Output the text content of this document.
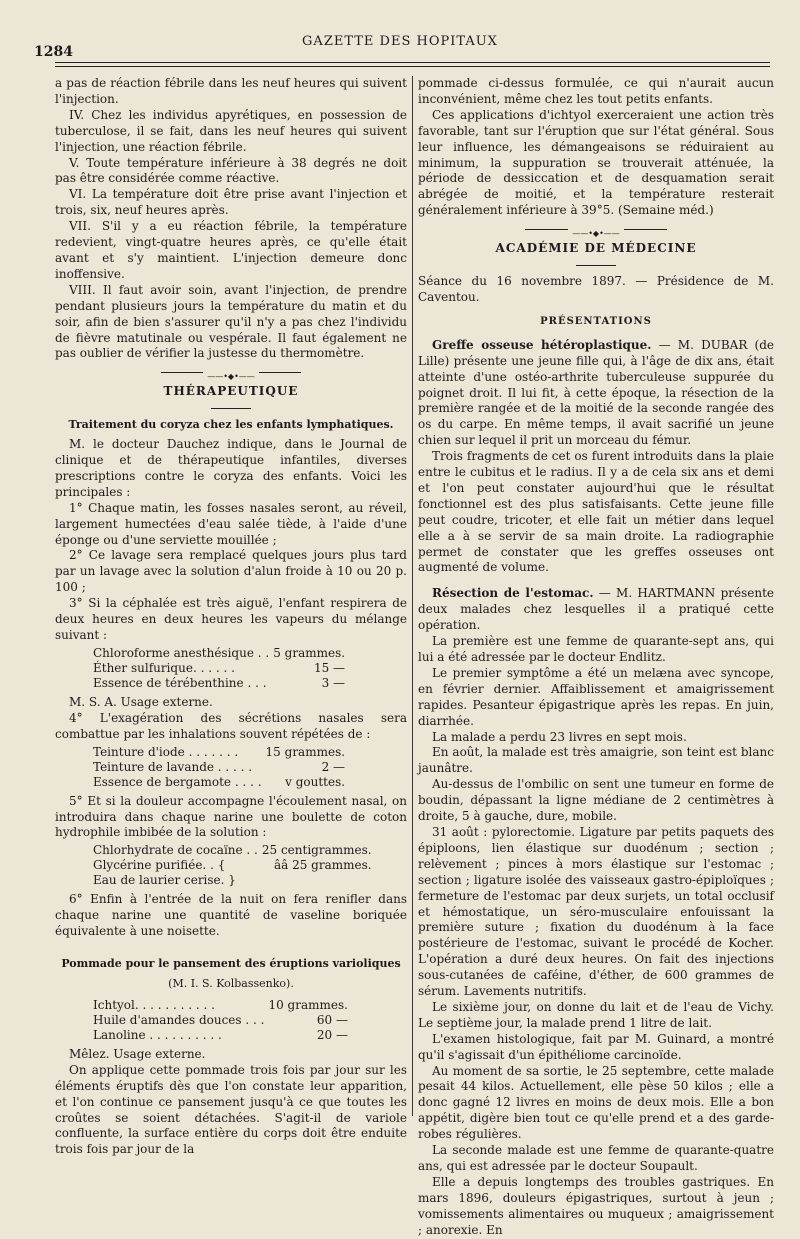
1284
GAZETTE DES HOPITAUX

a pas de réaction fébrile dans les neuf heures qui suivent l'injection.

IV. Chez les individus apyrétiques, en possession de tuberculose, il se fait, dans les neuf heures qui suivent l'injection, une réaction fébrile.

V. Toute température inférieure à 38 degrés ne doit pas être considérée comme réactive.

VI. La température doit être prise avant l'injection et trois, six, neuf heures après.

VII. S'il y a eu réaction fébrile, la température redevient, vingt-quatre heures après, ce qu'elle était avant et s'y maintient. L'injection demeure donc inoffensive.

VIII. Il faut avoir soin, avant l'injection, de prendre pendant plusieurs jours la température du matin et du soir, afin de bien s'assurer qu'il n'y a pas chez l'individu de fièvre matutinale ou vespérale. Il faut également ne pas oublier de vérifier la justesse du thermomètre.

——•◆•——
THÉRAPEUTIQUE
Traitement du coryza chez les enfants lymphatiques.

M. le docteur Dauchez indique, dans le Journal de clinique et de thérapeutique infantiles, diverses prescriptions contre le coryza des enfants. Voici les principales :

1° Chaque matin, les fosses nasales seront, au réveil, largement humectées d'eau salée tiède, à l'aide d'une éponge ou d'une serviette mouillée ;

2° Ce lavage sera remplacé quelques jours plus tard par un lavage avec la solution d'alun froide à 10 ou 20 p. 100 ;

3° Si la céphalée est très aiguë, l'enfant respirera de deux heures en deux heures les vapeurs du mélange suivant :

Chloroforme anesthésique . .	5 grammes.
Éther sulfurique. . . . . .	15 —
Essence de térébenthine . . .	3 —

M. S. A. Usage externe.

4° L'exagération des sécrétions nasales sera combattue par les inhalations souvent répétées de :

Teinture d'iode . . . . . . .	15 grammes.
Teinture de lavande . . . . .	2 —
Essence de bergamote . . . .	v gouttes.

5° Et si la douleur accompagne l'écoulement nasal, on introduira dans chaque narine une boulette de coton hydrophile imbibée de la solution :

Chlorhydrate de cocaïne . .	25 centigrammes.
Glycérine purifiée. . {	ââ 25 grammes.
Eau de laurier cerise. }	

6° Enfin à l'entrée de la nuit on fera renifler dans chaque narine une quantité de vaseline boriquée équivalente à une noisette.

Pommade pour le pansement des éruptions varioliques
(M. I. S. Kolbassenko).
Ichtyol. . . . . . . . . . .	10 grammes.
Huile d'amandes douces . . .	60 —
Lanoline . . . . . . . . . .	20 —

Mêlez. Usage externe.

On applique cette pommade trois fois par jour sur les éléments éruptifs dès que l'on constate leur apparition, et l'on continue ce pansement jusqu'à ce que toutes les croûtes se soient détachées. S'agit-il de variole confluente, la surface entière du corps doit être enduite trois fois par jour de la

pommade ci-dessus formulée, ce qui n'aurait aucun inconvénient, même chez les tout petits enfants.

Ces applications d'ichtyol exerceraient une action très favorable, tant sur l'éruption que sur l'état général. Sous leur influence, les démangeaisons se réduiraient au minimum, la suppuration se trouverait atténuée, la période de dessiccation et de desquamation serait abrégée de moitié, et la température resterait généralement inférieure à 39°5. (Semaine méd.)

——•◆•——
ACADÉMIE DE MÉDECINE

Séance du 16 novembre 1897. — Présidence de M. Caventou.

PRÉSENTATIONS

Greffe osseuse hétéroplastique. — M. DUBAR (de Lille) présente une jeune fille qui, à l'âge de dix ans, était atteinte d'une ostéo-arthrite tuberculeuse suppurée du poignet droit. Il lui fit, à cette époque, la résection de la première rangée et de la moitié de la seconde rangée des os du carpe. En même temps, il avait sacrifié un jeune chien sur lequel il prit un morceau du fémur.

Trois fragments de cet os furent introduits dans la plaie entre le cubitus et le radius. Il y a de cela six ans et demi et l'on peut constater aujourd'hui que le résultat fonctionnel est des plus satisfaisants. Cette jeune fille peut coudre, tricoter, et elle fait un métier dans lequel elle a à se servir de sa main droite. La radiographie permet de constater que les greffes osseuses ont augmenté de volume.

Résection de l'estomac. — M. HARTMANN présente deux malades chez lesquelles il a pratiqué cette opération.

La première est une femme de quarante-sept ans, qui lui a été adressée par le docteur Endlitz.

Le premier symptôme a été un melæna avec syncope, en février dernier. Affaiblissement et amaigrissement rapides. Pesanteur épigastrique après les repas. En juin, diarrhée.

La malade a perdu 23 livres en sept mois.

En août, la malade est très amaigrie, son teint est blanc jaunâtre.

Au-dessus de l'ombilic on sent une tumeur en forme de boudin, dépassant la ligne médiane de 2 centimètres à droite, 5 à gauche, dure, mobile.

31 août : pylorectomie. Ligature par petits paquets des épiploons, lien élastique sur duodénum ; section ; relèvement ; pinces à mors élastique sur l'estomac ; section ; ligature isolée des vaisseaux gastro-épiploïques ; fermeture de l'estomac par deux surjets, un total occlusif et hémostatique, un séro-musculaire enfouissant la première suture ; fixation du duodénum à la face postérieure de l'estomac, suivant le procédé de Kocher. L'opération a duré deux heures. On fait des injections sous-cutanées de caféine, d'éther, de 600 grammes de sérum. Lavements nutritifs.

Le sixième jour, on donne du lait et de l'eau de Vichy. Le septième jour, la malade prend 1 litre de lait.

L'examen histologique, fait par M. Guinard, a montré qu'il s'agissait d'un épithéliome carcinoïde.

Au moment de sa sortie, le 25 septembre, cette malade pesait 44 kilos. Actuellement, elle pèse 50 kilos ; elle a donc gagné 12 livres en moins de deux mois. Elle a bon appétit, digère bien tout ce qu'elle prend et a des garde-robes régulières.

La seconde malade est une femme de quarante-quatre ans, qui est adressée par le docteur Soupault.

Elle a depuis longtemps des troubles gastriques. En mars 1896, douleurs épigastriques, surtout à jeun ; vomissements alimentaires ou muqueux ; amaigrissement ; anorexie. En
